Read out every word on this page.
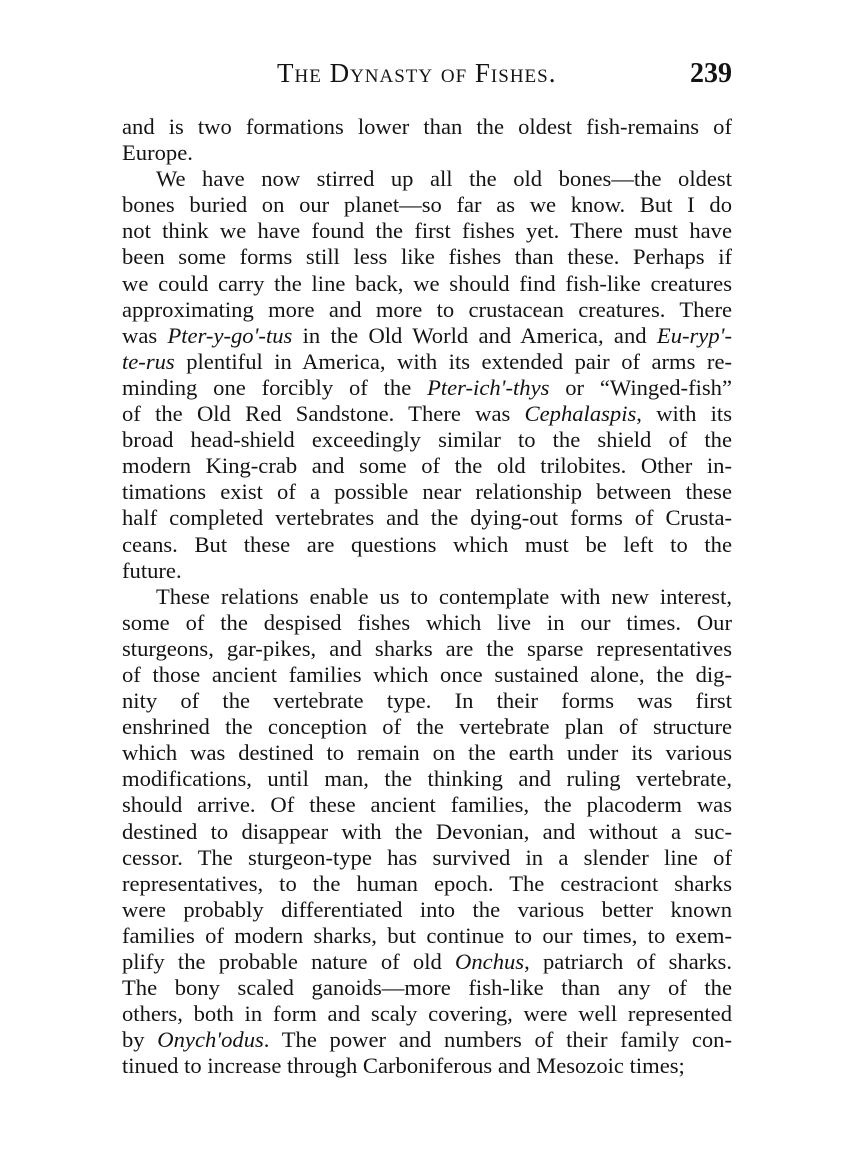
The Dynasty of Fishes.	239
and is two formations lower than the oldest fish-remains of
Europe.
We have now stirred up all the old bones—the oldest
bones buried on our planet—so far as we know. But I do
not think we have found the first fishes yet. There must have
been some forms still less like fishes than these. Perhaps if
we could carry the line back, we should find fish-like creatures
approximating more and more to crustacean creatures. There
was Pter-y-go'-tus in the Old World and America, and Eu-ryp'-
te-rus plentiful in America, with its extended pair of arms re-
minding one forcibly of the Pter-ich'-thys or “Winged-fish”
of the Old Red Sandstone. There was Cephalaspis, with its
broad head-shield exceedingly similar to the shield of the
modern King-crab and some of the old trilobites. Other in-
timations exist of a possible near relationship between these
half completed vertebrates and the dying-out forms of Crusta-
ceans. But these are questions which must be left to the
future.
These relations enable us to contemplate with new interest,
some of the despised fishes which live in our times. Our
sturgeons, gar-pikes, and sharks are the sparse representatives
of those ancient families which once sustained alone, the dig-
nity of the vertebrate type. In their forms was first
enshrined the conception of the vertebrate plan of structure
which was destined to remain on the earth under its various
modifications, until man, the thinking and ruling vertebrate,
should arrive. Of these ancient families, the placoderm was
destined to disappear with the Devonian, and without a suc-
cessor. The sturgeon-type has survived in a slender line of
representatives, to the human epoch. The cestraciont sharks
were probably differentiated into the various better known
families of modern sharks, but continue to our times, to exem-
plify the probable nature of old Onchus, patriarch of sharks.
The bony scaled ganoids—more fish-like than any of the
others, both in form and scaly covering, were well represented
by Onych'odus. The power and numbers of their family con-
tinued to increase through Carboniferous and Mesozoic times;
